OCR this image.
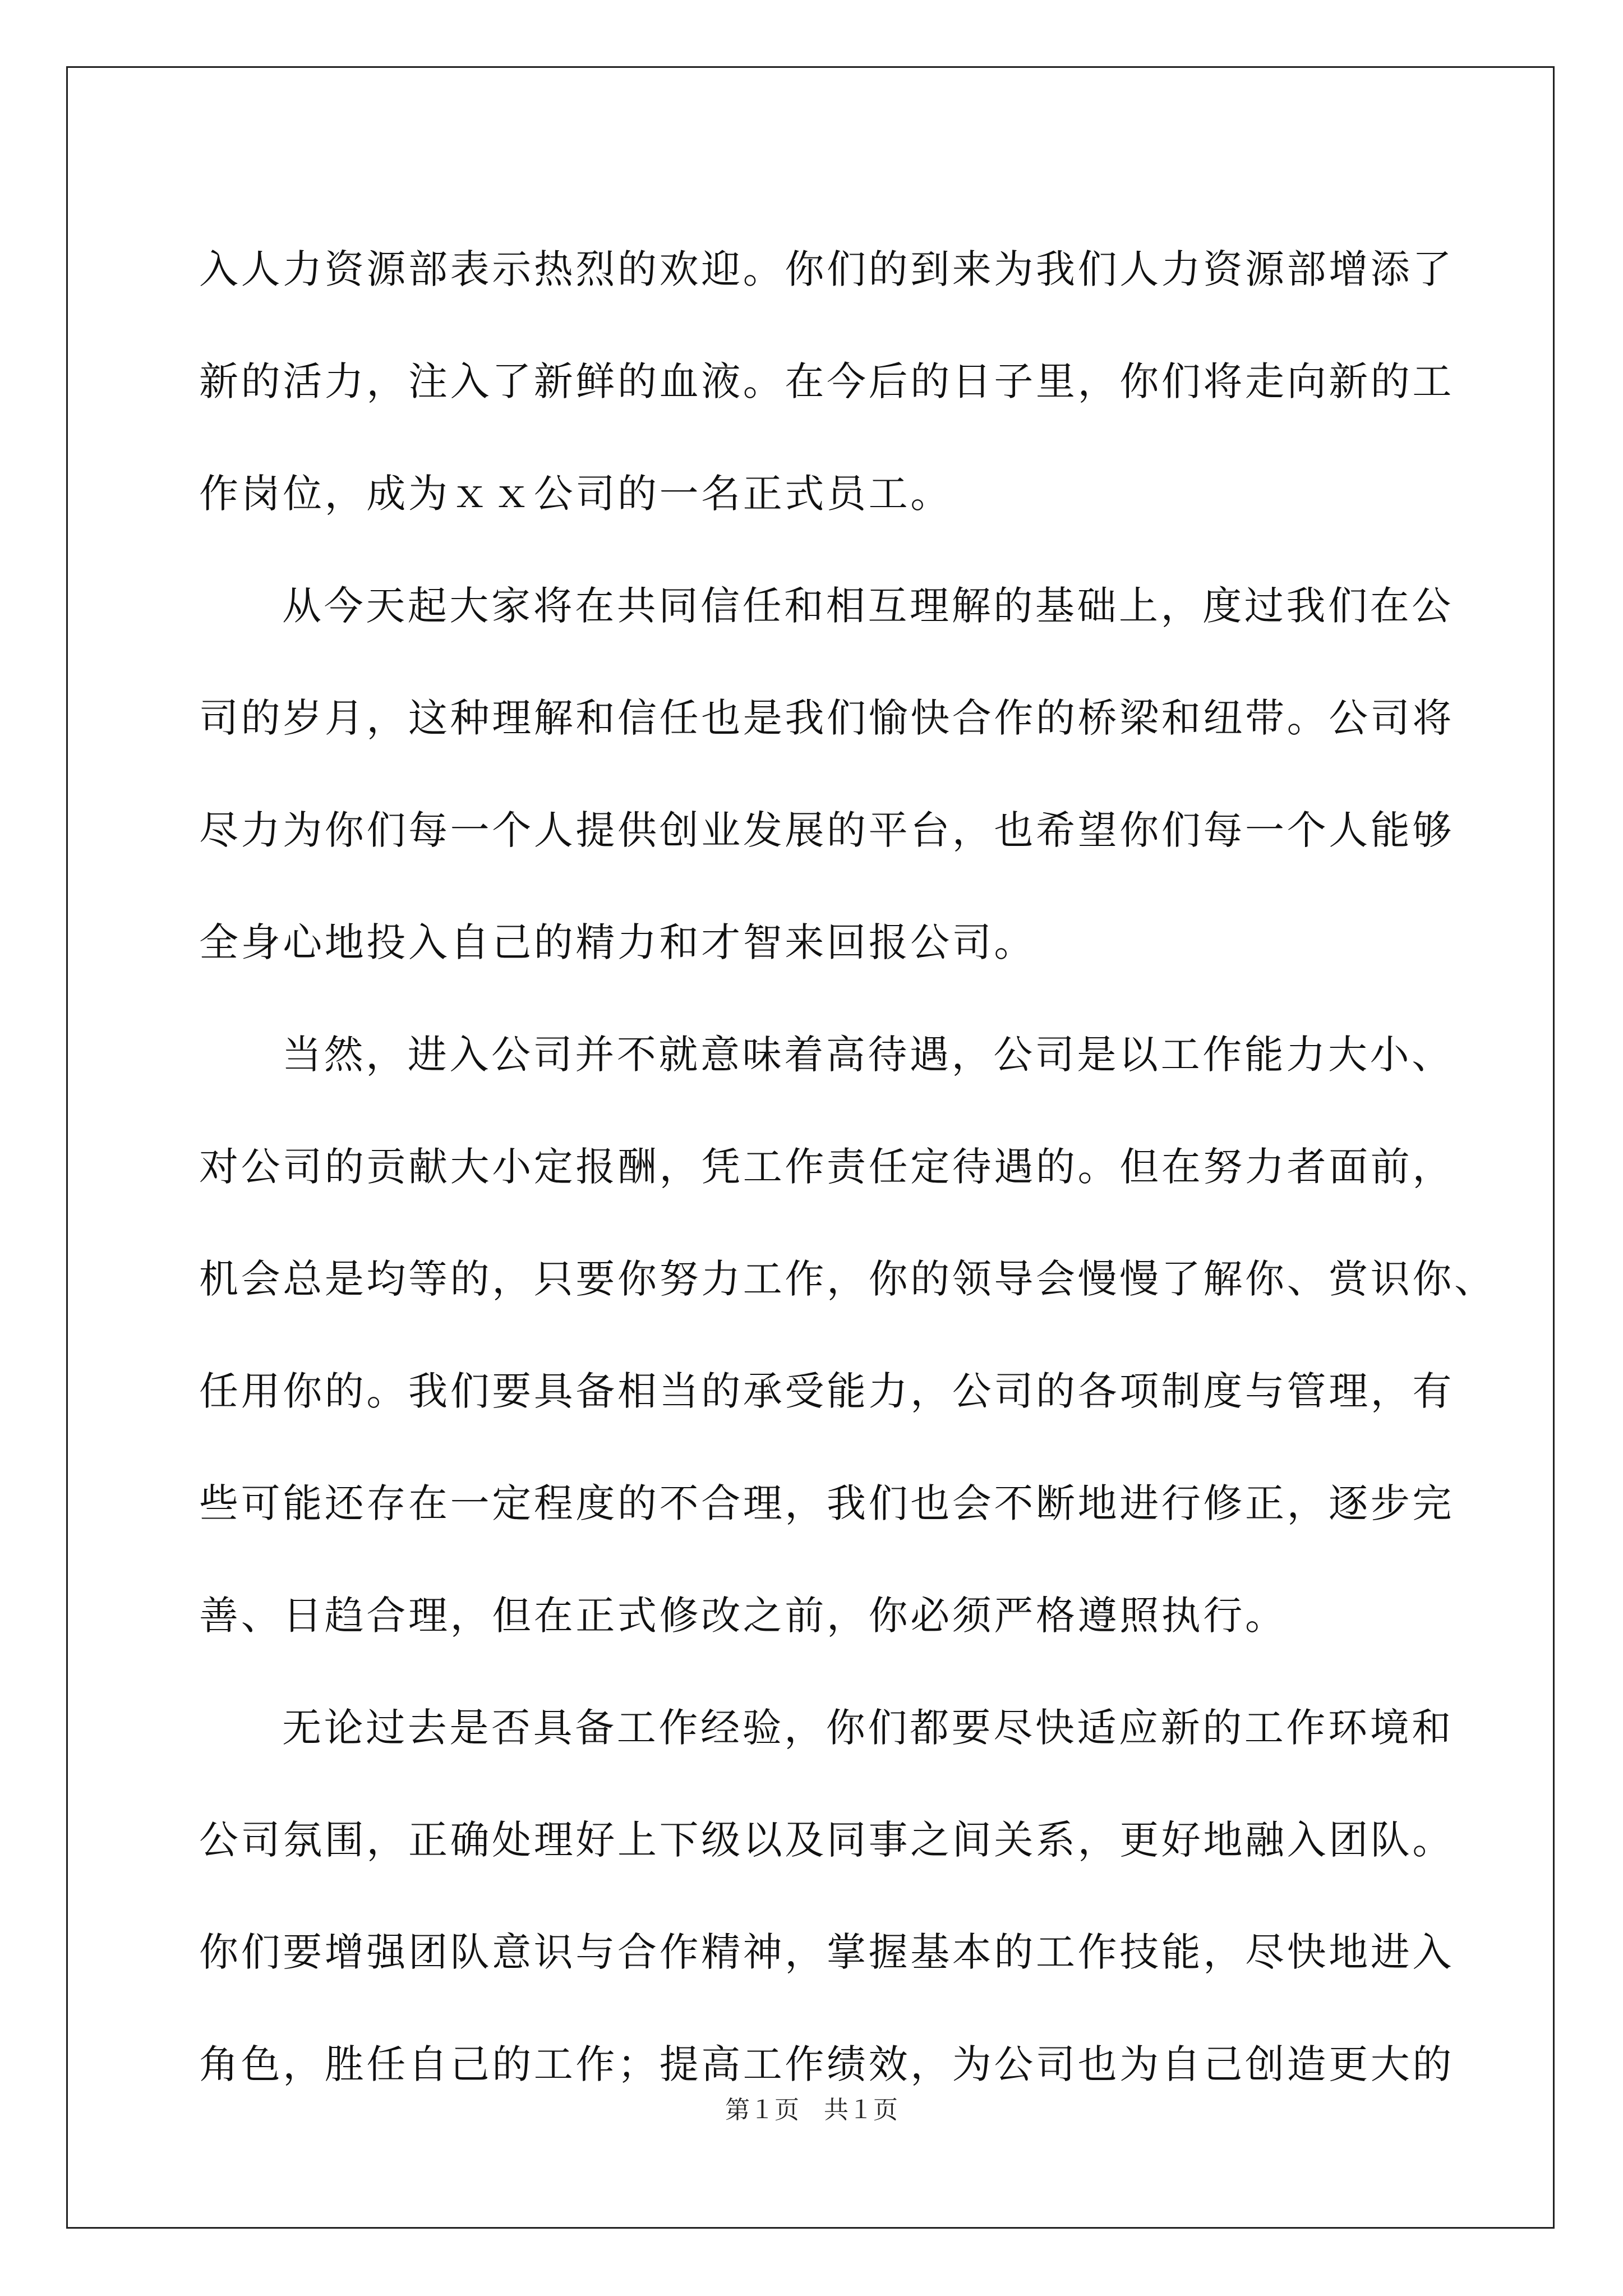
入人力资源部表示热烈的欢迎。你们的到来为我们人力资源部增添了
新的活力，注入了新鲜的血液。在今后的日子里，你们将走向新的工
作岗位，成为ｘｘ公司的一名正式员工。
从今天起大家将在共同信任和相互理解的基础上，度过我们在公
司的岁月，这种理解和信任也是我们愉快合作的桥梁和纽带。公司将
尽力为你们每一个人提供创业发展的平台，也希望你们每一个人能够
全身心地投入自己的精力和才智来回报公司。
当然，进入公司并不就意味着高待遇，公司是以工作能力大小、
对公司的贡献大小定报酬，凭工作责任定待遇的。但在努力者面前，
机会总是均等的，只要你努力工作，你的领导会慢慢了解你、赏识你、
任用你的。我们要具备相当的承受能力，公司的各项制度与管理，有
些可能还存在一定程度的不合理，我们也会不断地进行修正，逐步完
善、日趋合理，但在正式修改之前，你必须严格遵照执行。
无论过去是否具备工作经验，你们都要尽快适应新的工作环境和
公司氛围，正确处理好上下级以及同事之间关系，更好地融入团队。
你们要增强团队意识与合作精神，掌握基本的工作技能，尽快地进入
角色，胜任自己的工作；提高工作绩效，为公司也为自己创造更大的
第１页　共１页
